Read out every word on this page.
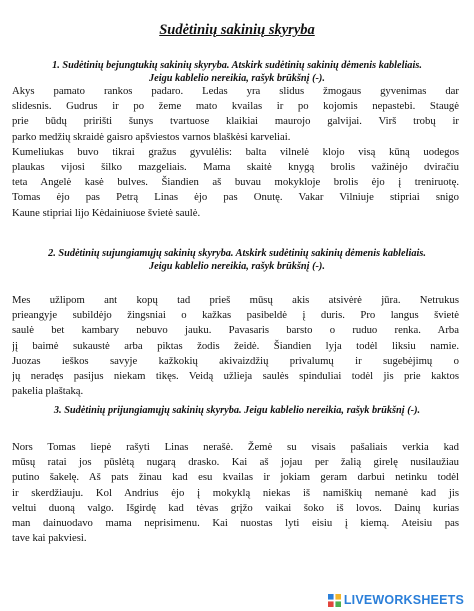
Sudėtinių sakinių skyryba
1. Sudėtinių bejungtukių sakinių skyryba. Atskirk sudėtinių sakinių dėmenis kableliais.
Jeigu kablelio nereikia, rašyk brūkšnį (-).
Akys pamato rankos padaro. Ledas yra slidus žmogaus gyvenimas dar
slidesnis. Gudrus ir po žeme mato kvailas ir po kojomis nepastebi. Staugė
prie būdų pririšti šunys tvartuose klaikiai maurojo galvijai. Virš trobų ir
parko medžių skraidė gaisro apšviestos varnos blaškėsi karveliai.
Kumeliukas buvo tikrai gražus gyvulėlis: balta vilnelė klojo visą kūną uodegos
plaukas vijosi šilko mazgeliais. Mama skaitė knygą brolis važinėjo dviračiu
teta Angelė kasė bulves. Šiandien aš buvau mokykloje brolis ėjo į treniruotę.
Tomas ėjo pas Petrą Linas ėjo pas Onutę. Vakar Vilniuje stipriai snigo
Kaune stipriai lijo Kėdainiuose švietė saulė.
2. Sudėtinių sujungiamųjų sakinių skyryba. Atskirk sudėtinių sakinių dėmenis kableliais.
Jeigu kablelio nereikia, rašyk brūkšnį (-).
Mes užlipom ant kopų tad prieš mūsų akis atsivėrė jūra. Netrukus
prieangyje subildėjo žingsniai o kažkas pasibeldė į duris. Pro langus švietė
saulė bet kambary nebuvo jauku. Pavasaris barsto o ruduo renka. Arba
jį baimė sukaustė arba piktas žodis žeidė. Šiandien lyja todėl liksiu namie.
Juozas ieškos savyje kažkokių akivaizdžių privalumų ir sugebėjimų o
jų neradęs pasijus niekam tikęs. Veidą užlieja saulės spinduliai todėl jis prie kaktos
pakelia plaštaką.
3. Sudėtinių prijungiamųjų sakinių skyryba. Jeigu kablelio nereikia, rašyk brūkšnį (-).
Nors Tomas liepė rašyti Linas nerašė. Žemė su visais pašaliais verkia kad
mūsų ratai jos pūslėtą nugarą drasko. Kai aš jojau per žalią girelę nusilaužiau
putino šakelę. Aš pats žinau kad esu kvailas ir jokiam geram darbui netinku todėl
ir skerdžiauju. Kol Andrius ėjo į mokyklą niekas iš namiškių nemanė kad jis
veltui duoną valgo. Išgirdę kad tėvas grįžo vaikai šoko iš lovos. Dainų kurias
man dainuodavo mama neprisimenu. Kai nuostas lyti eisiu į kiemą. Ateisiu pas
tave kai pakviesi.
LIVEWORKSHEETS
